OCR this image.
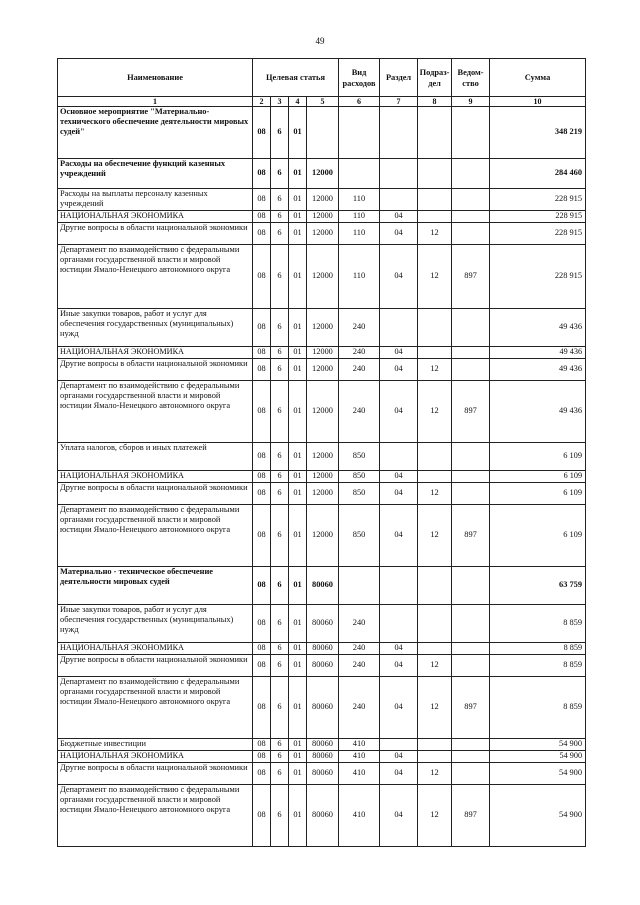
49
Наименование	Целевая статья				Вид расходов	Раздел	Подраз- дел	Ведом- ство	Сумма
1	2	3	4	5	6	7	8	9	10
Основное мероприятие "Материально-технического обеспечение деятельности мировых судей"	08	6	01						348 219
Расходы на обеспечение функций казенных учреждений	08	6	01	12000					284 460
Расходы на выплаты персоналу казенных учреждений	08	6	01	12000	110				228 915
НАЦИОНАЛЬНАЯ ЭКОНОМИКА	08	6	01	12000	110	04			228 915
Другие вопросы в области национальной экономики	08	6	01	12000	110	04	12		228 915
Департамент по взаимодействию с федеральными органами государственной власти и мировой юстиции Ямало-Ненецкого автономного округа	08	6	01	12000	110	04	12	897	228 915
Иные закупки товаров, работ и услуг для обеспечения государственных (муниципальных) нужд	08	6	01	12000	240				49 436
НАЦИОНАЛЬНАЯ ЭКОНОМИКА	08	6	01	12000	240	04			49 436
Другие вопросы в области национальной экономики	08	6	01	12000	240	04	12		49 436
Департамент по взаимодействию с федеральными органами государственной власти и мировой юстиции Ямало-Ненецкого автономного округа	08	6	01	12000	240	04	12	897	49 436
Уплата налогов, сборов и иных платежей	08	6	01	12000	850				6 109
НАЦИОНАЛЬНАЯ ЭКОНОМИКА	08	6	01	12000	850	04			6 109
Другие вопросы в области национальной экономики	08	6	01	12000	850	04	12		6 109
Департамент по взаимодействию с федеральными органами государственной власти и мировой юстиции Ямало-Ненецкого автономного округа	08	6	01	12000	850	04	12	897	6 109
Материально - техническое обеспечение деятельности мировых судей	08	6	01	80060					63 759
Иные закупки товаров, работ и услуг для обеспечения государственных (муниципальных) нужд	08	6	01	80060	240				8 859
НАЦИОНАЛЬНАЯ ЭКОНОМИКА	08	6	01	80060	240	04			8 859
Другие вопросы в области национальной экономики	08	6	01	80060	240	04	12		8 859
Департамент по взаимодействию с федеральными органами государственной власти и мировой юстиции Ямало-Ненецкого автономного округа	08	6	01	80060	240	04	12	897	8 859
Бюджетные инвестиции	08	6	01	80060	410				54 900
НАЦИОНАЛЬНАЯ ЭКОНОМИКА	08	6	01	80060	410	04			54 900
Другие вопросы в области национальной экономики	08	6	01	80060	410	04	12		54 900
Департамент по взаимодействию с федеральными органами государственной власти и мировой юстиции Ямало-Ненецкого автономного округа	08	6	01	80060	410	04	12	897	54 900
